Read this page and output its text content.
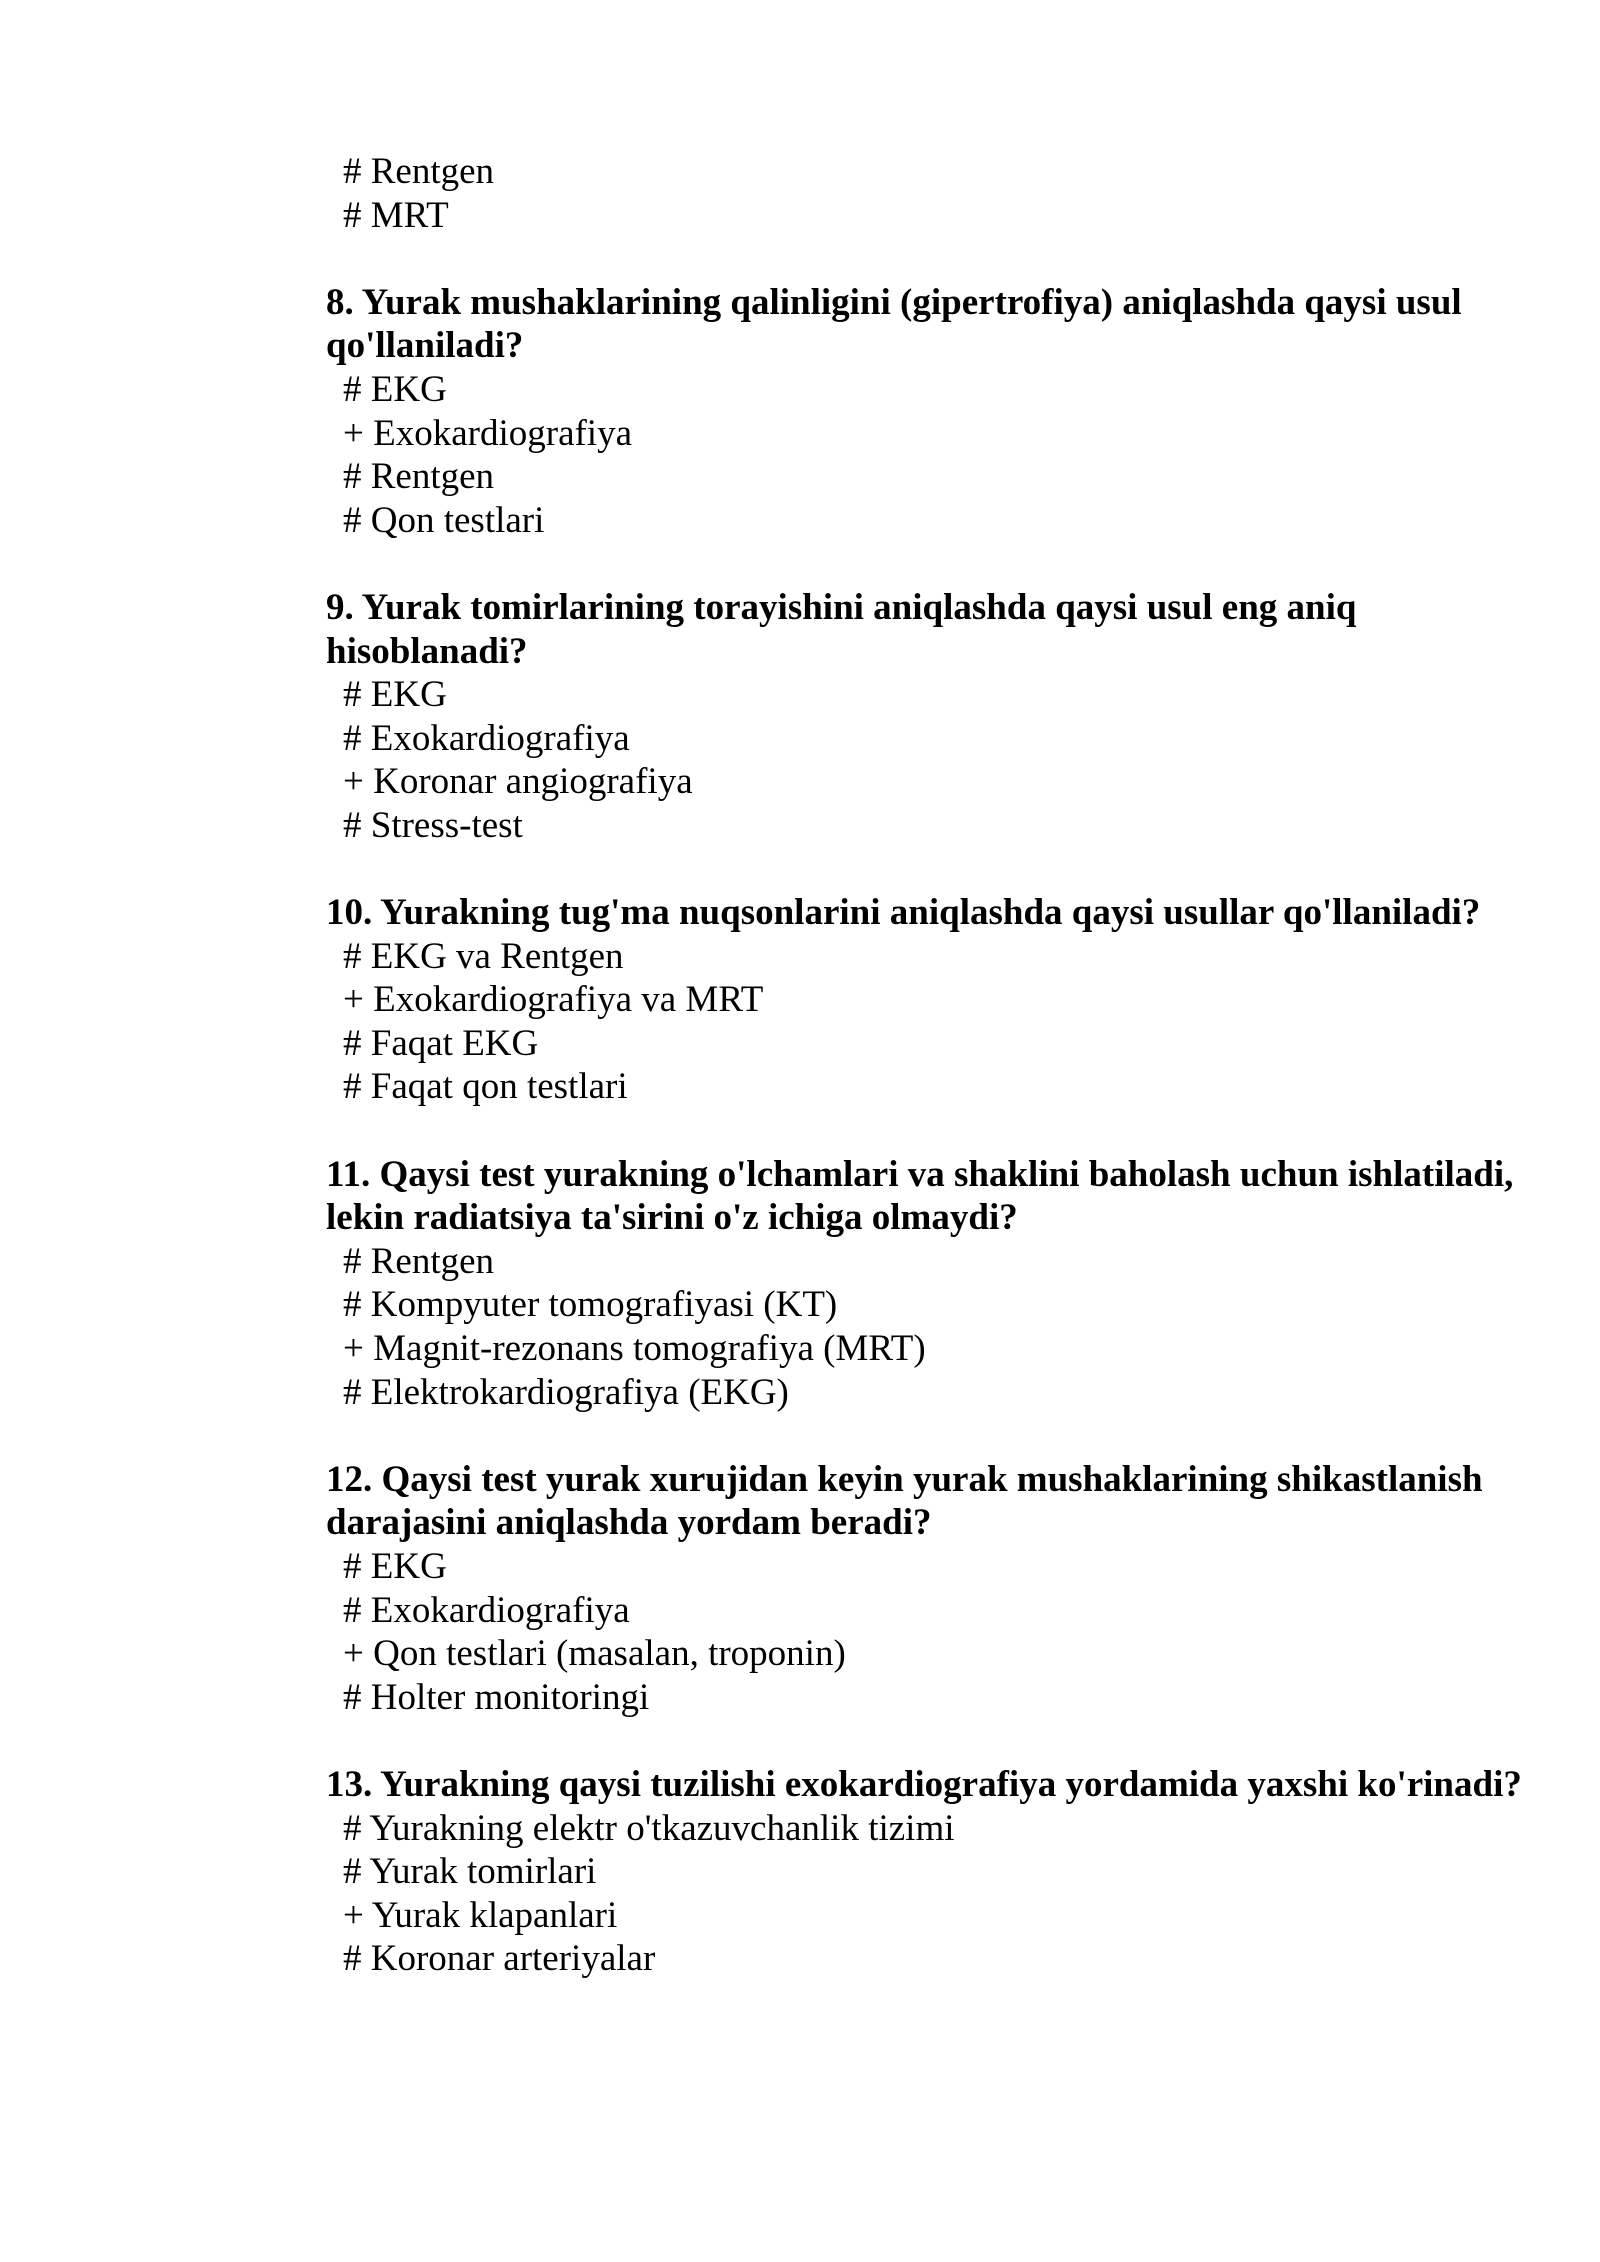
# Rentgen

# MRT

8. Yurak mushaklarining qalinligini (gipertrofiya) aniqlashda qaysi usul qo'llaniladi?

# EKG

+ Exokardiografiya

# Rentgen

# Qon testlari

9. Yurak tomirlarining torayishini aniqlashda qaysi usul eng aniq hisoblanadi?

# EKG

# Exokardiografiya

+ Koronar angiografiya

# Stress-test

10. Yurakning tug'ma nuqsonlarini aniqlashda qaysi usullar qo'llaniladi?

# EKG va Rentgen

+ Exokardiografiya va MRT

# Faqat EKG

# Faqat qon testlari

11. Qaysi test yurakning o'lchamlari va shaklini baholash uchun ishlatiladi, lekin radiatsiya ta'sirini o'z ichiga olmaydi?

# Rentgen

# Kompyuter tomografiyasi (KT)

+ Magnit-rezonans tomografiya (MRT)

# Elektrokardiografiya (EKG)

12. Qaysi test yurak xurujidan keyin yurak mushaklarining shikastlanish darajasini aniqlashda yordam beradi?

# EKG

# Exokardiografiya

+ Qon testlari (masalan, troponin)

# Holter monitoringi

13. Yurakning qaysi tuzilishi exokardiografiya yordamida yaxshi ko'rinadi?

# Yurakning elektr o'tkazuvchanlik tizimi

# Yurak tomirlari

+ Yurak klapanlari

# Koronar arteriyalar
